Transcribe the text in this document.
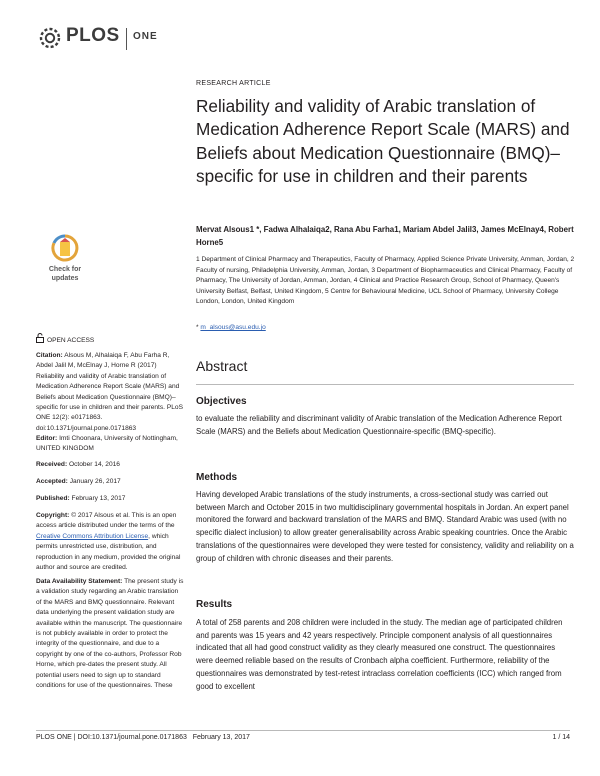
PLOS ONE
RESEARCH ARTICLE
Reliability and validity of Arabic translation of Medication Adherence Report Scale (MARS) and Beliefs about Medication Questionnaire (BMQ)–specific for use in children and their parents
Mervat Alsous1 *, Fadwa Alhalaiqa2, Rana Abu Farha1, Mariam Abdel Jalil3, James McElnay4, Robert Horne5
1 Department of Clinical Pharmacy and Therapeutics, Faculty of Pharmacy, Applied Science Private University, Amman, Jordan, 2 Faculty of nursing, Philadelphia University, Amman, Jordan, 3 Department of Biopharmaceutics and Clinical Pharmacy, Faculty of Pharmacy, The University of Jordan, Amman, Jordan, 4 Clinical and Practice Research Group, School of Pharmacy, Queen's University Belfast, Belfast, United Kingdom, 5 Centre for Behavioural Medicine, UCL School of Pharmacy, University College London, London, United Kingdom
* m_alsous@asu.edu.jo
Check for
updates
OPEN ACCESS
Citation: Alsous M, Alhalaiqa F, Abu Farha R, Abdel Jalil M, McElnay J, Horne R (2017) Reliability and validity of Arabic translation of Medication Adherence Report Scale (MARS) and Beliefs about Medication Questionnaire (BMQ)–specific for use in children and their parents. PLoS ONE 12(2): e0171863. doi:10.1371/journal.pone.0171863
Editor: Imti Choonara, University of Nottingham, UNITED KINGDOM
Received: October 14, 2016
Accepted: January 26, 2017
Published: February 13, 2017
Copyright: © 2017 Alsous et al. This is an open access article distributed under the terms of the Creative Commons Attribution License, which permits unrestricted use, distribution, and reproduction in any medium, provided the original author and source are credited.
Data Availability Statement: The present study is a validation study regarding an Arabic translation of the MARS and BMQ questionnaire. Relevant data underlying the present validation study are available within the manuscript. The questionnaire is not publicly available in order to protect the integrity of the questionnaire, and due to a copyright by one of the co-authors, Professor Rob Horne, which pre-dates the present study. All potential users need to sign up to standard conditions for use of the questionnaires. These
Abstract
Objectives
to evaluate the reliability and discriminant validity of Arabic translation of the Medication Adherence Report Scale (MARS) and the Beliefs about Medication Questionnaire-specific (BMQ-specific).
Methods
Having developed Arabic translations of the study instruments, a cross-sectional study was carried out between March and October 2015 in two multidisciplinary governmental hospitals in Jordan. An expert panel monitored the forward and backward translation of the MARS and BMQ. Standard Arabic was used (with no specific dialect inclusion) to allow greater generalisability across Arabic speaking countries. Once the Arabic translations of the questionnaires were developed they were tested for consistency, validity and reliability on a group of children with chronic diseases and their parents.
Results
A total of 258 parents and 208 children were included in the study. The median age of participated children and parents was 15 years and 42 years respectively. Principle component analysis of all questionnaires indicated that all had good construct validity as they clearly measured one construct. The questionnaires were deemed reliable based on the results of Cronbach alpha coefficient. Furthermore, reliability of the questionnaires was demonstrated by test-retest intraclass correlation coefficients (ICC) which ranged from good to excellent
PLOS ONE | DOI:10.1371/journal.pone.0171863   February 13, 2017	1 / 14
